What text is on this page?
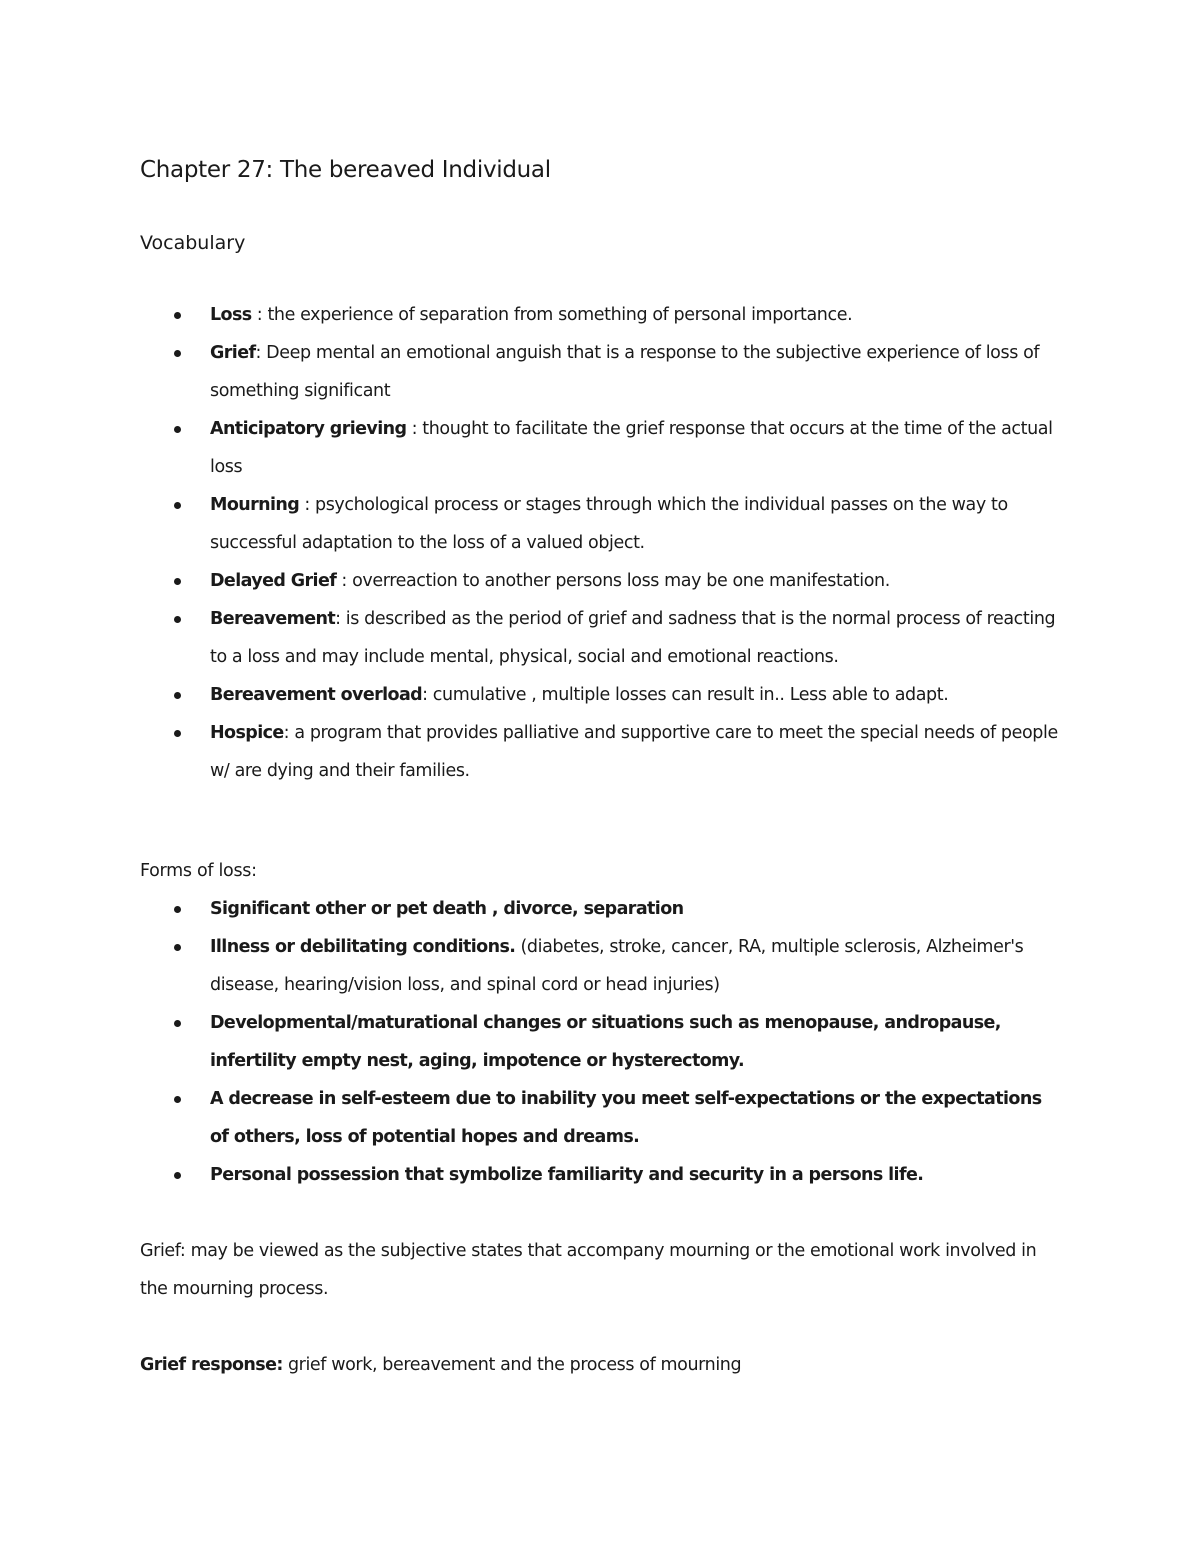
Chapter 27: The bereaved Individual
Vocabulary
Loss : the experience of separation from something of personal importance.
Grief: Deep mental an emotional anguish that is a response to the subjective experience of loss of something significant
Anticipatory grieving : thought to facilitate the grief response that occurs at the time of the actual loss
Mourning : psychological process or stages through which the individual passes on the way to successful adaptation to the loss of a valued object.
Delayed Grief : overreaction to another persons loss may be one manifestation.
Bereavement: is described as the period of grief and sadness that is the normal process of reacting to a loss and may include mental, physical, social and emotional reactions.
Bereavement overload: cumulative , multiple losses can result in.. Less able to adapt.
Hospice: a program that provides palliative and supportive care to meet the special needs of people w/ are dying and their families.
Forms of loss:
Significant other or pet death , divorce, separation
Illness or debilitating conditions. (diabetes, stroke, cancer, RA, multiple sclerosis, Alzheimer's disease, hearing/vision loss, and spinal cord or head injuries)
Developmental/maturational changes or situations such as menopause, andropause, infertility empty nest, aging, impotence or hysterectomy.
A decrease in self-esteem due to inability you meet self-expectations or the expectations of others, loss of potential hopes and dreams.
Personal possession that symbolize familiarity and security in a persons life.
Grief: may be viewed as the subjective states that accompany mourning or the emotional work involved in the mourning process.
Grief response: grief work, bereavement and the process of mourning
